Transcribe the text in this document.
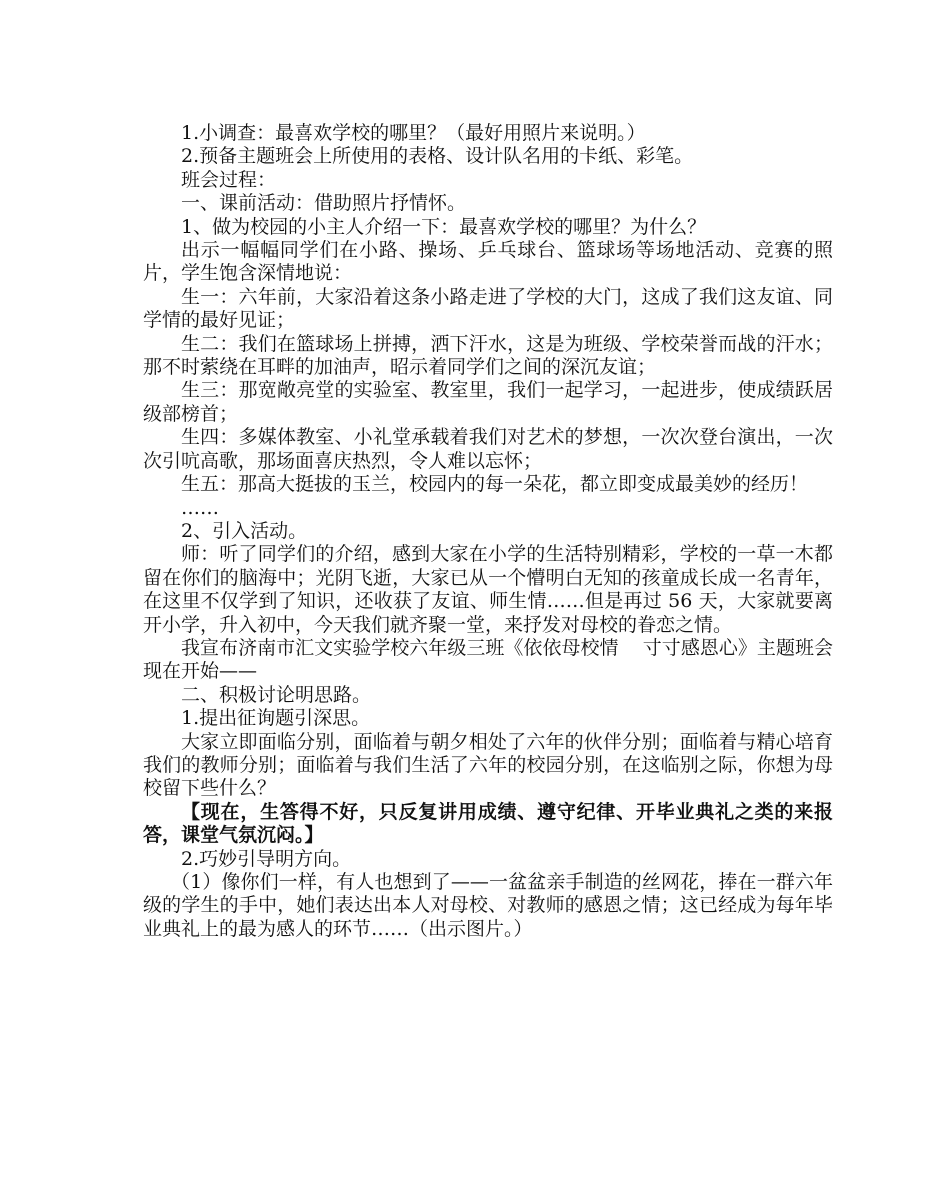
1.小调查：最喜欢学校的哪里？（最好用照片来说明。）

2.预备主题班会上所使用的表格、设计队名用的卡纸、彩笔。

班会过程：

一、课前活动：借助照片抒情怀。

1、做为校园的小主人介绍一下：最喜欢学校的哪里？为什么？

出示一幅幅同学们在小路、操场、乒乓球台、篮球场等场地活动、竞赛的照片，学生饱含深情地说：

生一：六年前，大家沿着这条小路走进了学校的大门，这成了我们这友谊、同学情的最好见证；

生二：我们在篮球场上拼搏，洒下汗水，这是为班级、学校荣誉而战的汗水；那不时萦绕在耳畔的加油声，昭示着同学们之间的深沉友谊；

生三：那宽敞亮堂的实验室、教室里，我们一起学习，一起进步，使成绩跃居级部榜首；

生四：多媒体教室、小礼堂承载着我们对艺术的梦想，一次次登台演出，一次次引吭高歌，那场面喜庆热烈，令人难以忘怀；

生五：那高大挺拔的玉兰，校园内的每一朵花，都立即变成最美妙的经历！

……

2、引入活动。

师：听了同学们的介绍，感到大家在小学的生活特别精彩，学校的一草一木都留在你们的脑海中；光阴飞逝，大家已从一个懵明白无知的孩童成长成一名青年，在这里不仅学到了知识，还收获了友谊、师生情……但是再过 56 天，大家就要离开小学，升入初中，今天我们就齐聚一堂，来抒发对母校的眷恋之情。

我宣布济南市汇文实验学校六年级三班《依依母校情    寸寸感恩心》主题班会现在开始——

二、积极讨论明思路。

1.提出征询题引深思。

大家立即面临分别，面临着与朝夕相处了六年的伙伴分别；面临着与精心培育我们的教师分别；面临着与我们生活了六年的校园分别，在这临别之际，你想为母校留下些什么？

【现在，生答得不好，只反复讲用成绩、遵守纪律、开毕业典礼之类的来报答，课堂气氛沉闷。】

2.巧妙引导明方向。

（1）像你们一样，有人也想到了——一盆盆亲手制造的丝网花，捧在一群六年级的学生的手中，她们表达出本人对母校、对教师的感恩之情；这已经成为每年毕业典礼上的最为感人的环节……（出示图片。）
